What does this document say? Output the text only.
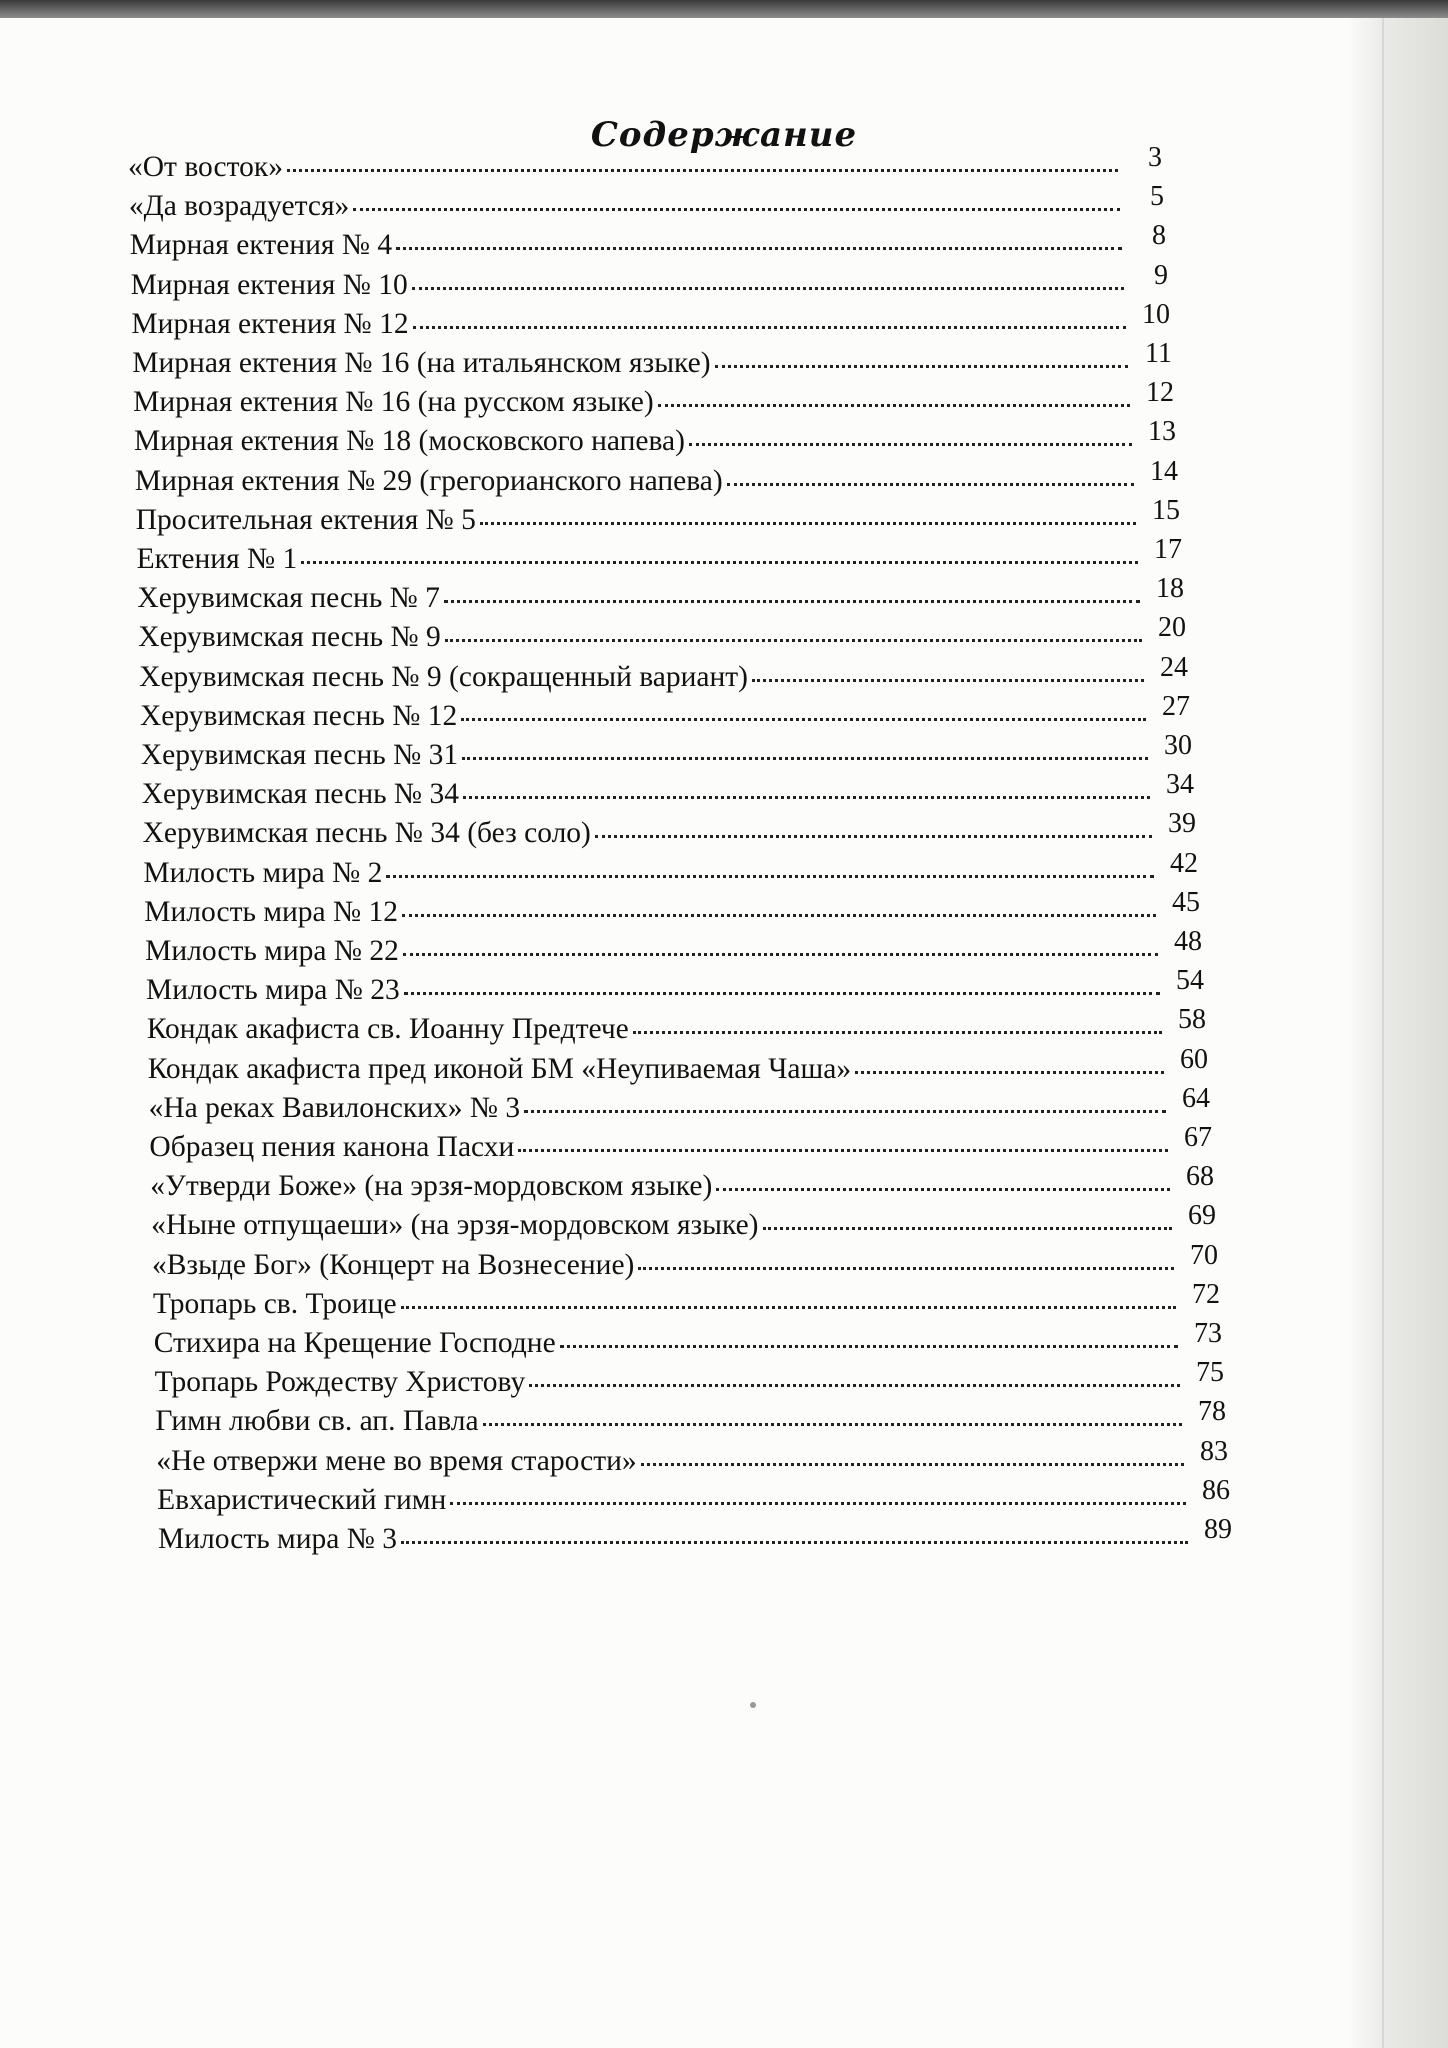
Содержание
«От восток»	3
«Да возрадуется»	5
Мирная ектения № 4	8
Мирная ектения № 10	9
Мирная ектения № 12	10
Мирная ектения № 16 (на итальянском языке)	11
Мирная ектения № 16 (на русском языке)	12
Мирная ектения № 18 (московского напева)	13
Мирная ектения № 29 (грегорианского напева)	14
Просительная ектения № 5	15
Ектения № 1	17
Херувимская песнь № 7	18
Херувимская песнь № 9	20
Херувимская песнь № 9 (сокращенный вариант)	24
Херувимская песнь № 12	27
Херувимская песнь № 31	30
Херувимская песнь № 34	34
Херувимская песнь № 34 (без соло)	39
Милость мира № 2	42
Милость мира № 12	45
Милость мира № 22	48
Милость мира № 23	54
Кондак акафиста св. Иоанну Предтече	58
Кондак акафиста пред иконой БМ «Неупиваемая Чаша»	60
«На реках Вавилонских» № 3	64
Образец пения канона Пасхи	67
«Утверди Боже» (на эрзя-мордовском языке)	68
«Ныне отпущаеши» (на эрзя-мордовском языке)	69
«Взыде Бог» (Концерт на Вознесение)	70
Тропарь св. Троице	72
Стихира на Крещение Господне	73
Тропарь Рождеству Христову	75
Гимн любви св. ап. Павла	78
«Не отвержи мене во время старости»	83
Евхаристический гимн	86
Милость мира № 3	89
